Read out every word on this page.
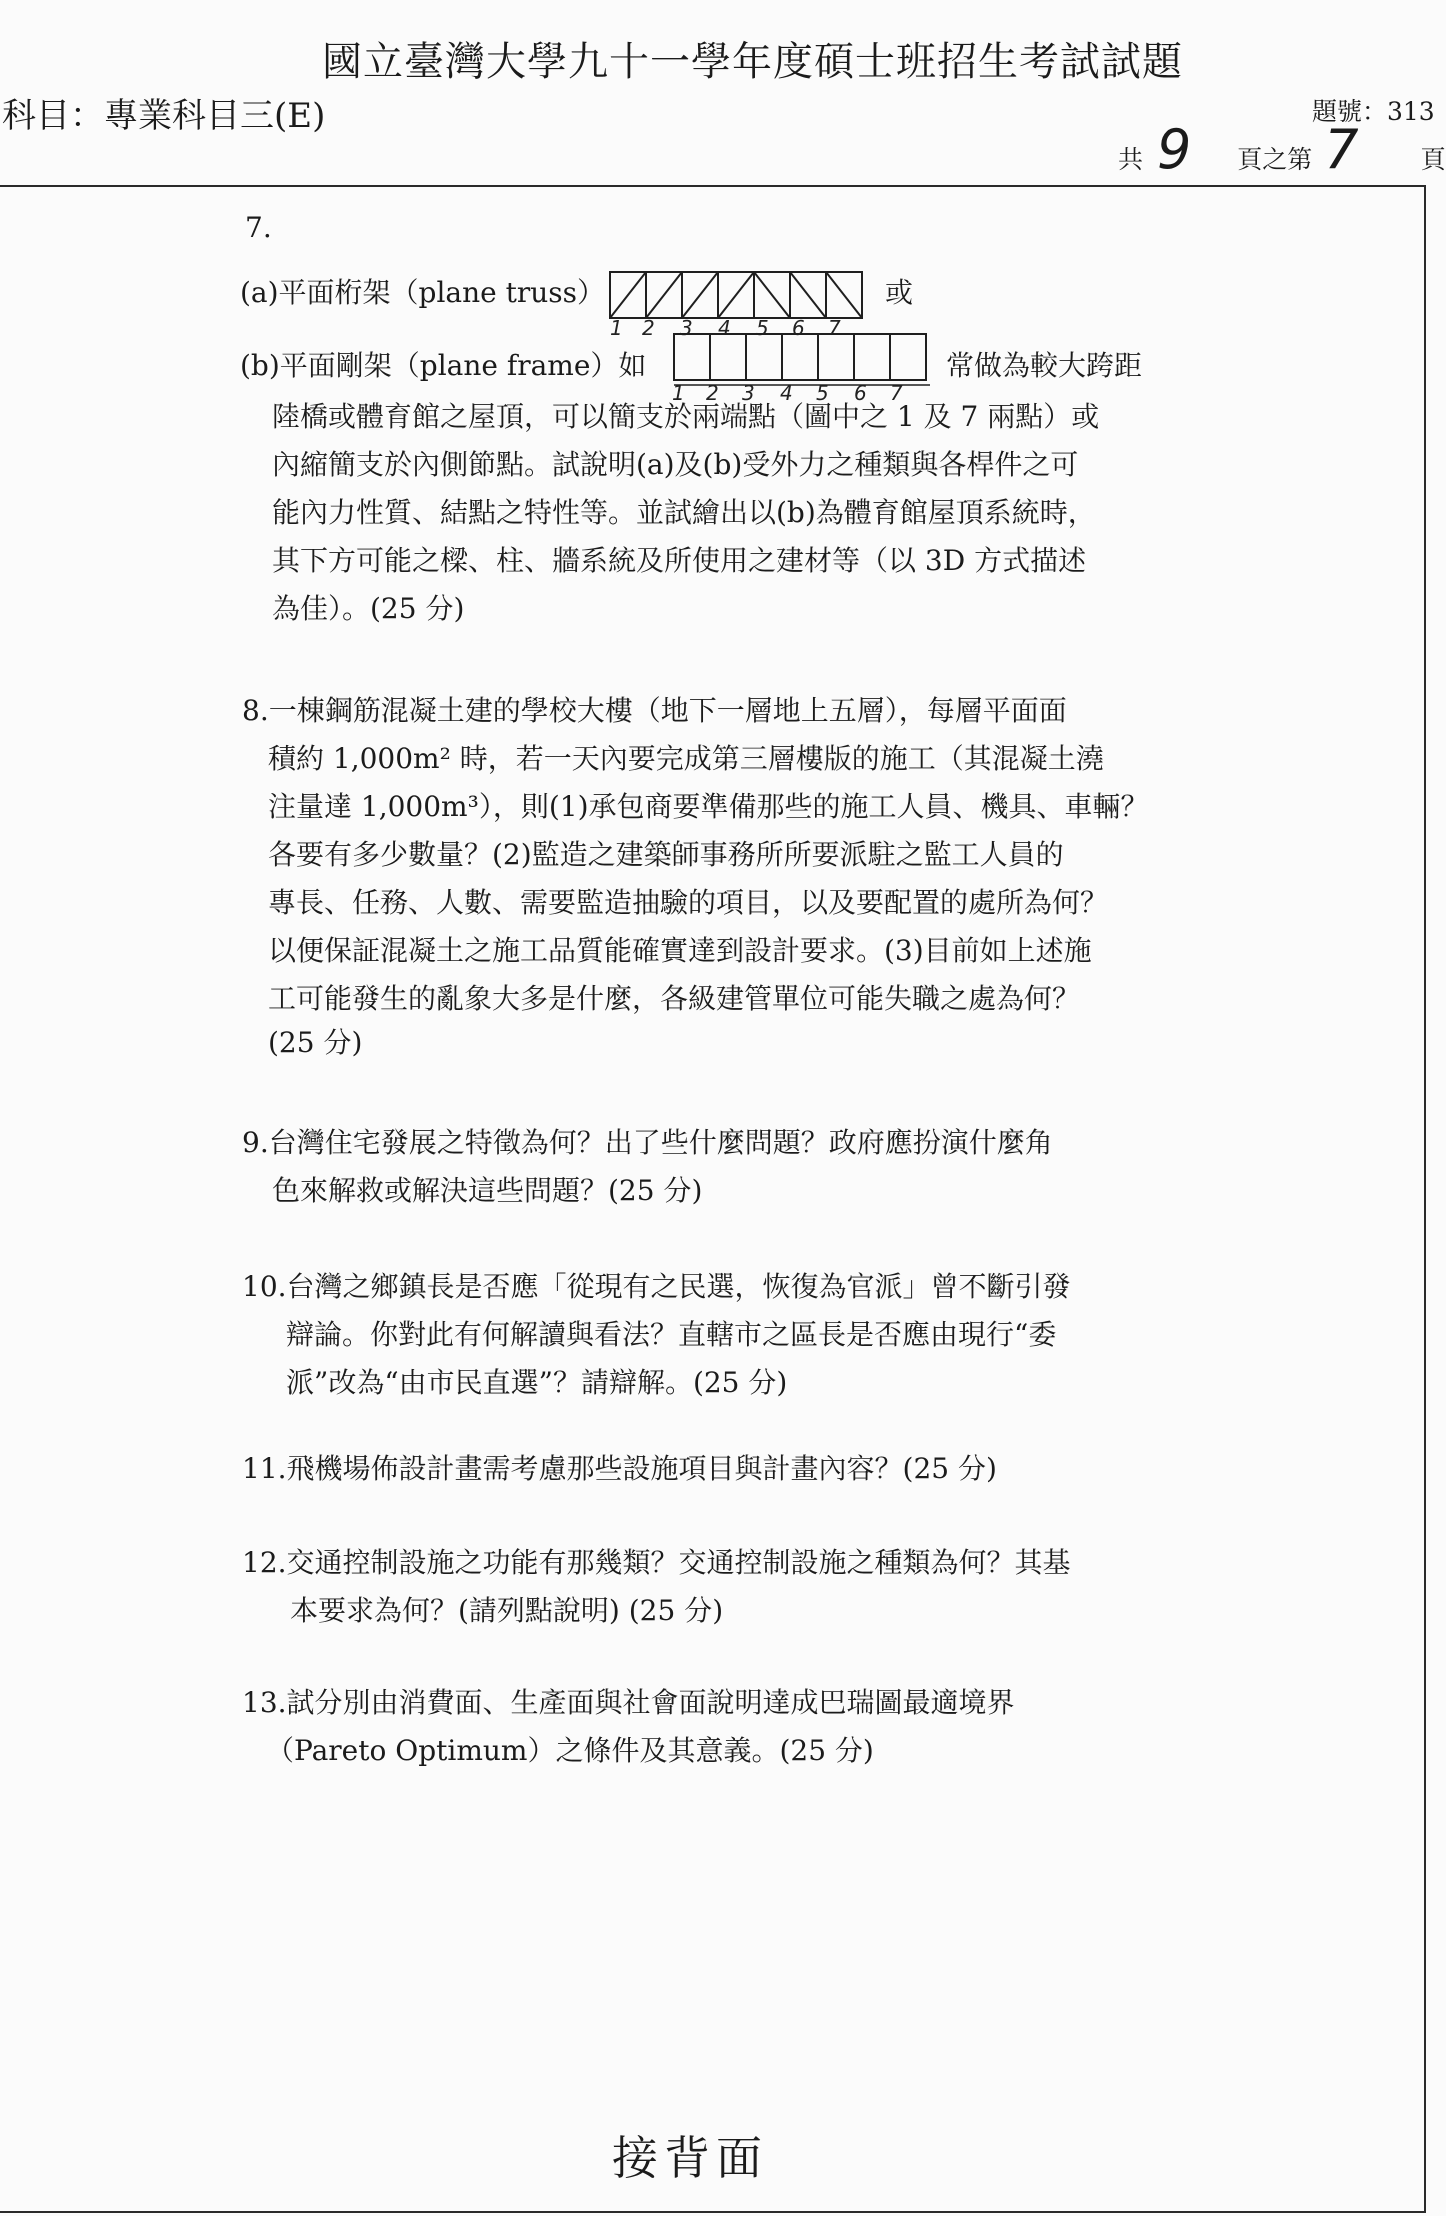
國立臺灣大學九十一學年度碩士班招生考試試題
科目：專業科目三(E)	題號：313
共 9 頁之第 7 頁
7.
(a)平面桁架（plane truss）	或
1 2 3 4 5 6 7
(b)平面剛架（plane frame）如
1 2 3 4 5 6 7
常做為較大跨距
陸橋或體育館之屋頂，可以簡支於兩端點（圖中之 1 及 7 兩點）或
內縮簡支於內側節點。試說明(a)及(b)受外力之種類與各桿件之可
能內力性質、結點之特性等。並試繪出以(b)為體育館屋頂系統時，
其下方可能之樑、柱、牆系統及所使用之建材等（以 3D 方式描述
為佳）。(25 分)
8.一棟鋼筋混凝土建的學校大樓（地下一層地上五層），每層平面面
積約 1,000m² 時，若一天內要完成第三層樓版的施工（其混凝土澆
注量達 1,000m³），則(1)承包商要準備那些的施工人員、機具、車輛？
各要有多少數量？(2)監造之建築師事務所所要派駐之監工人員的
專長、任務、人數、需要監造抽驗的項目，以及要配置的處所為何？
以便保証混凝土之施工品質能確實達到設計要求。(3)目前如上述施
工可能發生的亂象大多是什麼，各級建管單位可能失職之處為何？
(25 分)
9.台灣住宅發展之特徵為何？出了些什麼問題？政府應扮演什麼角
色來解救或解決這些問題？(25 分)
10.台灣之鄉鎮長是否應「從現有之民選，恢復為官派」曾不斷引發
辯論。你對此有何解讀與看法？直轄市之區長是否應由現行“委
派”改為“由市民直選”？請辯解。(25 分)
11.飛機場佈設計畫需考慮那些設施項目與計畫內容？(25 分)
12.交通控制設施之功能有那幾類？交通控制設施之種類為何？其基
本要求為何？(請列點說明) (25 分)
13.試分別由消費面、生產面與社會面說明達成巴瑞圖最適境界
（Pareto Optimum）之條件及其意義。(25 分)
接背面
